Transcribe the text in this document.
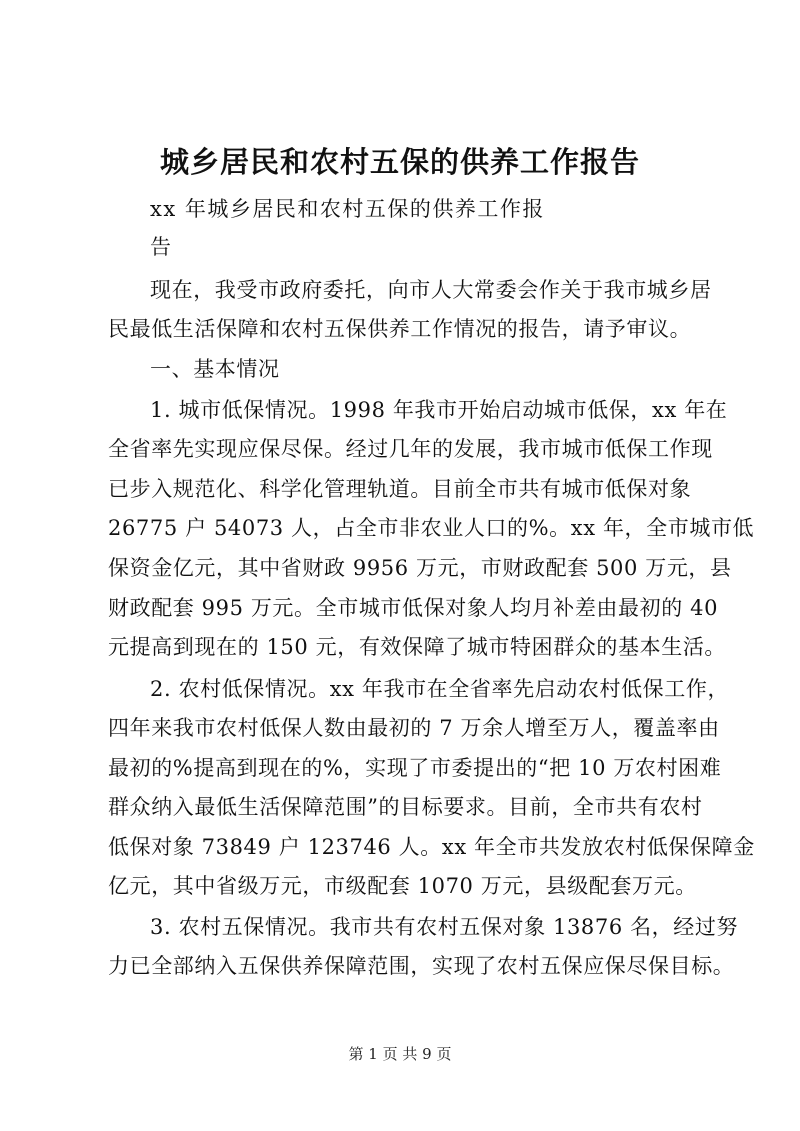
城乡居民和农村五保的供养工作报告
xx 年城乡居民和农村五保的供养工作报
告
现在，我受市政府委托，向市人大常委会作关于我市城乡居
民最低生活保障和农村五保供养工作情况的报告，请予审议。
一、基本情况
1. 城市低保情况。1998 年我市开始启动城市低保，xx 年在
全省率先实现应保尽保。经过几年的发展，我市城市低保工作现
已步入规范化、科学化管理轨道。目前全市共有城市低保对象
26775 户 54073 人，占全市非农业人口的%。xx 年，全市城市低
保资金亿元，其中省财政 9956 万元，市财政配套 500 万元，县
财政配套 995 万元。全市城市低保对象人均月补差由最初的 40
元提高到现在的 150 元，有效保障了城市特困群众的基本生活。
2. 农村低保情况。xx 年我市在全省率先启动农村低保工作，
四年来我市农村低保人数由最初的 7 万余人增至万人，覆盖率由
最初的%提高到现在的%，实现了市委提出的“把 10 万农村困难
群众纳入最低生活保障范围”的目标要求。目前，全市共有农村
低保对象 73849 户 123746 人。xx 年全市共发放农村低保保障金
亿元，其中省级万元，市级配套 1070 万元，县级配套万元。
3. 农村五保情况。我市共有农村五保对象 13876 名，经过努
力已全部纳入五保供养保障范围，实现了农村五保应保尽保目标。
第 1 页 共 9 页
